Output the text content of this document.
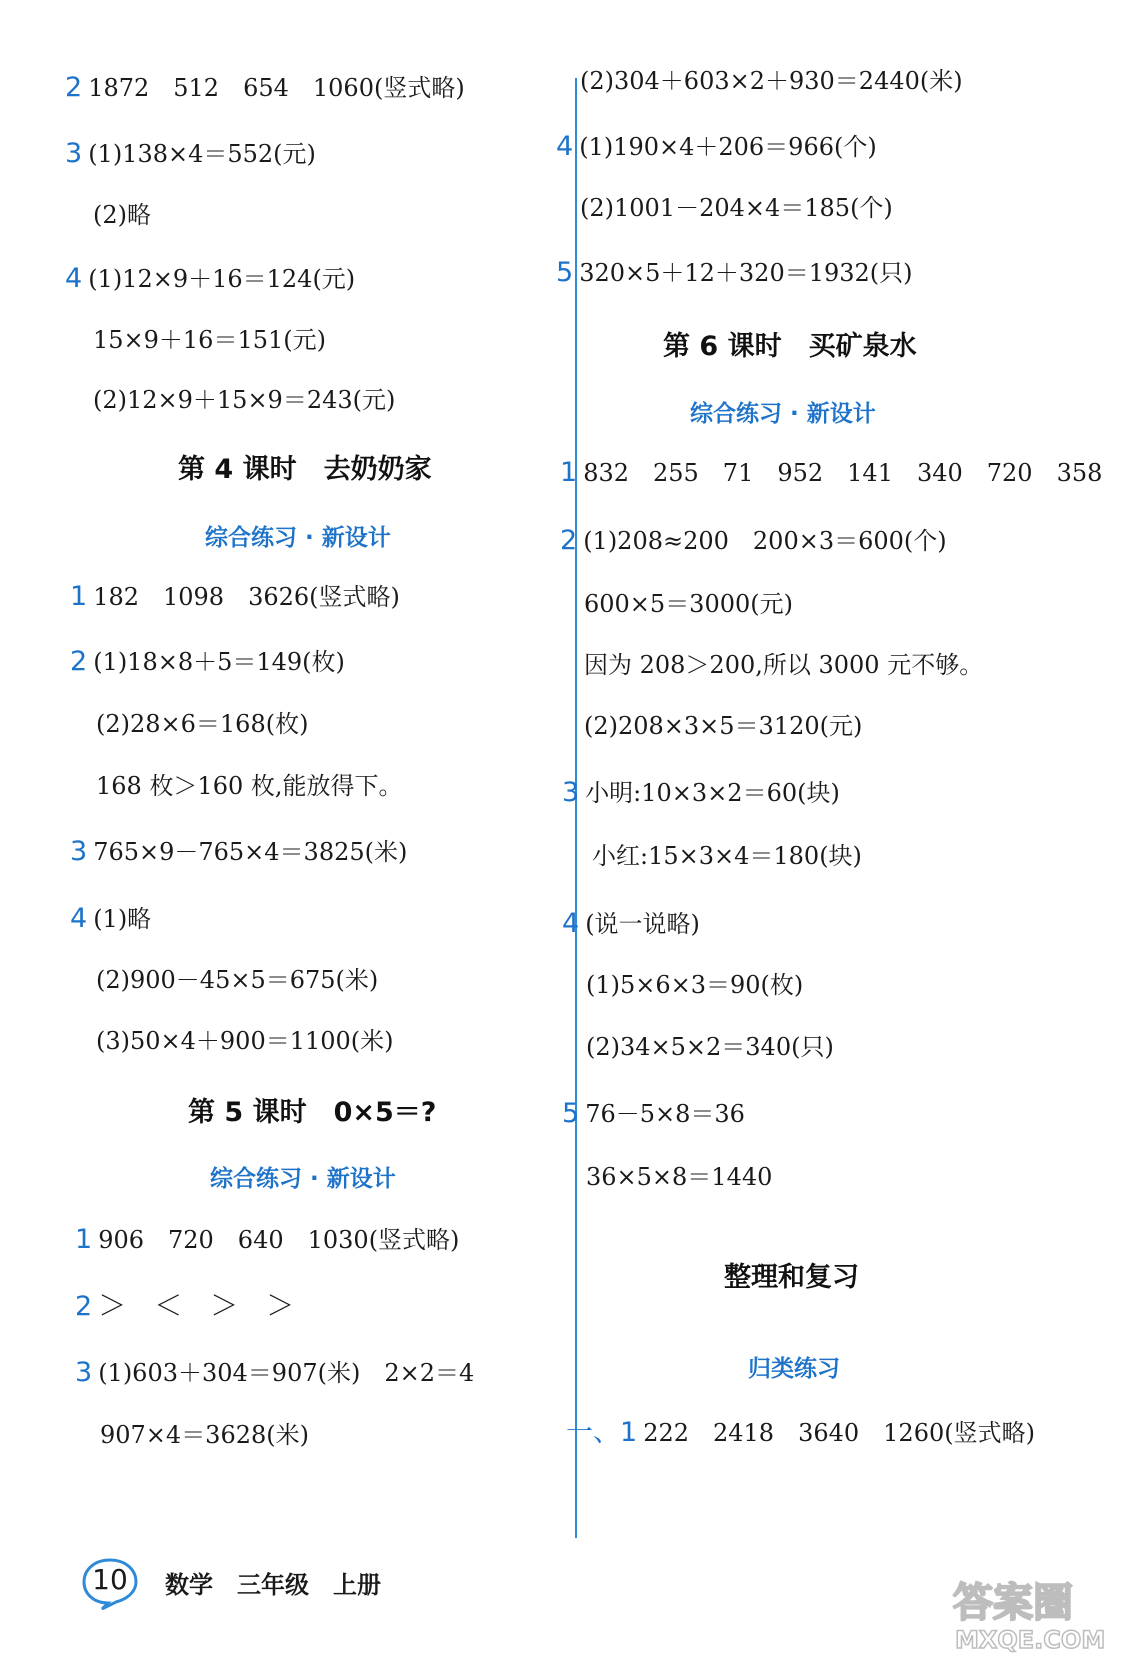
2 1872　512　654　1060(竖式略)
3 (1)138×4＝552(元)
(2)略
4 (1)12×9＋16＝124(元)
15×9＋16＝151(元)
(2)12×9＋15×9＝243(元)
第 4 课时　去奶奶家
综合练习 · 新设计
1 182　1098　3626(竖式略)
2 (1)18×8＋5＝149(枚)
(2)28×6＝168(枚)
168 枚＞160 枚,能放得下。
3 765×9－765×4＝3825(米)
4 (1)略
(2)900－45×5＝675(米)
(3)50×4＋900＝1100(米)
第 5 课时　0×5＝?
综合练习 · 新设计
1 906　720　640　1030(竖式略)
2 ＞　＜　＞　＞
3 (1)603＋304＝907(米)　2×2＝4
907×4＝3628(米)
(2)304＋603×2＋930＝2440(米)
4 (1)190×4＋206＝966(个)
(2)1001－204×4＝185(个)
5 320×5＋12＋320＝1932(只)
第 6 课时　买矿泉水
综合练习 · 新设计
1 832　255　71　952　141　340　720　358
2 (1)208≈200　200×3＝600(个)
600×5＝3000(元)
因为 208＞200,所以 3000 元不够。
(2)208×3×5＝3120(元)
3 小明:10×3×2＝60(块)
小红:15×3×4＝180(块)
4 (说一说略)
(1)5×6×3＝90(枚)
(2)34×5×2＝340(只)
5 76－5×8＝36
36×5×8＝1440
整理和复习
归类练习
一、1 222　2418　3640　1260(竖式略)
10	数学　三年级　上册	答案圈
MXQE.COM
